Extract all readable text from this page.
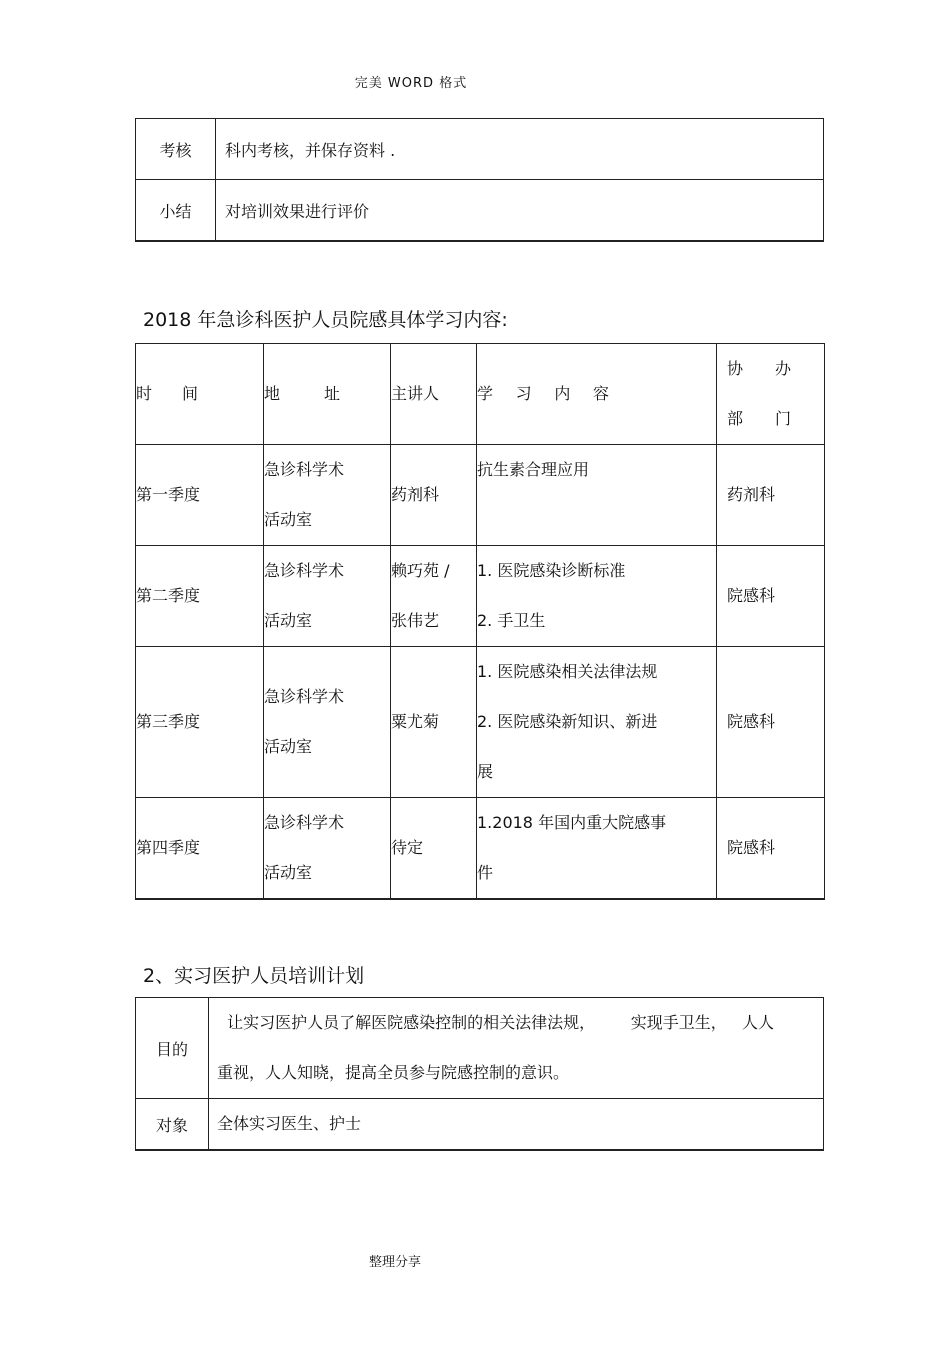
完美 WORD 格式
考核	科内考核，并保存资料 .
小结	对培训效果进行评价
2018 年急诊科医护人员院感具体学习内容:
时 间	地 址	主讲人	学 习 内 容	协 办
部 门

第一季度	急诊科学术
活动室	药剂科	抗生素合理应用	药剂科
第二季度	急诊科学术
活动室	赖巧苑 /
张伟艺	1. 医院感染诊断标准
2. 手卫生	院感科
第三季度	急诊科学术
活动室	粟尤菊	1. 医院感染相关法律法规
2. 医院感染新知识、新进
展	院感科
第四季度	急诊科学术
活动室	待定	1.2018 年国内重大院感事
件	院感科
2、实习医护人员培训计划
目的	让实习医护人员了解医院感染控制的相关法律法规，       实现手卫生，   人人
重视，人人知晓，提高全员参与院感控制的意识。

对象	全体实习医生、护士
整理分享
